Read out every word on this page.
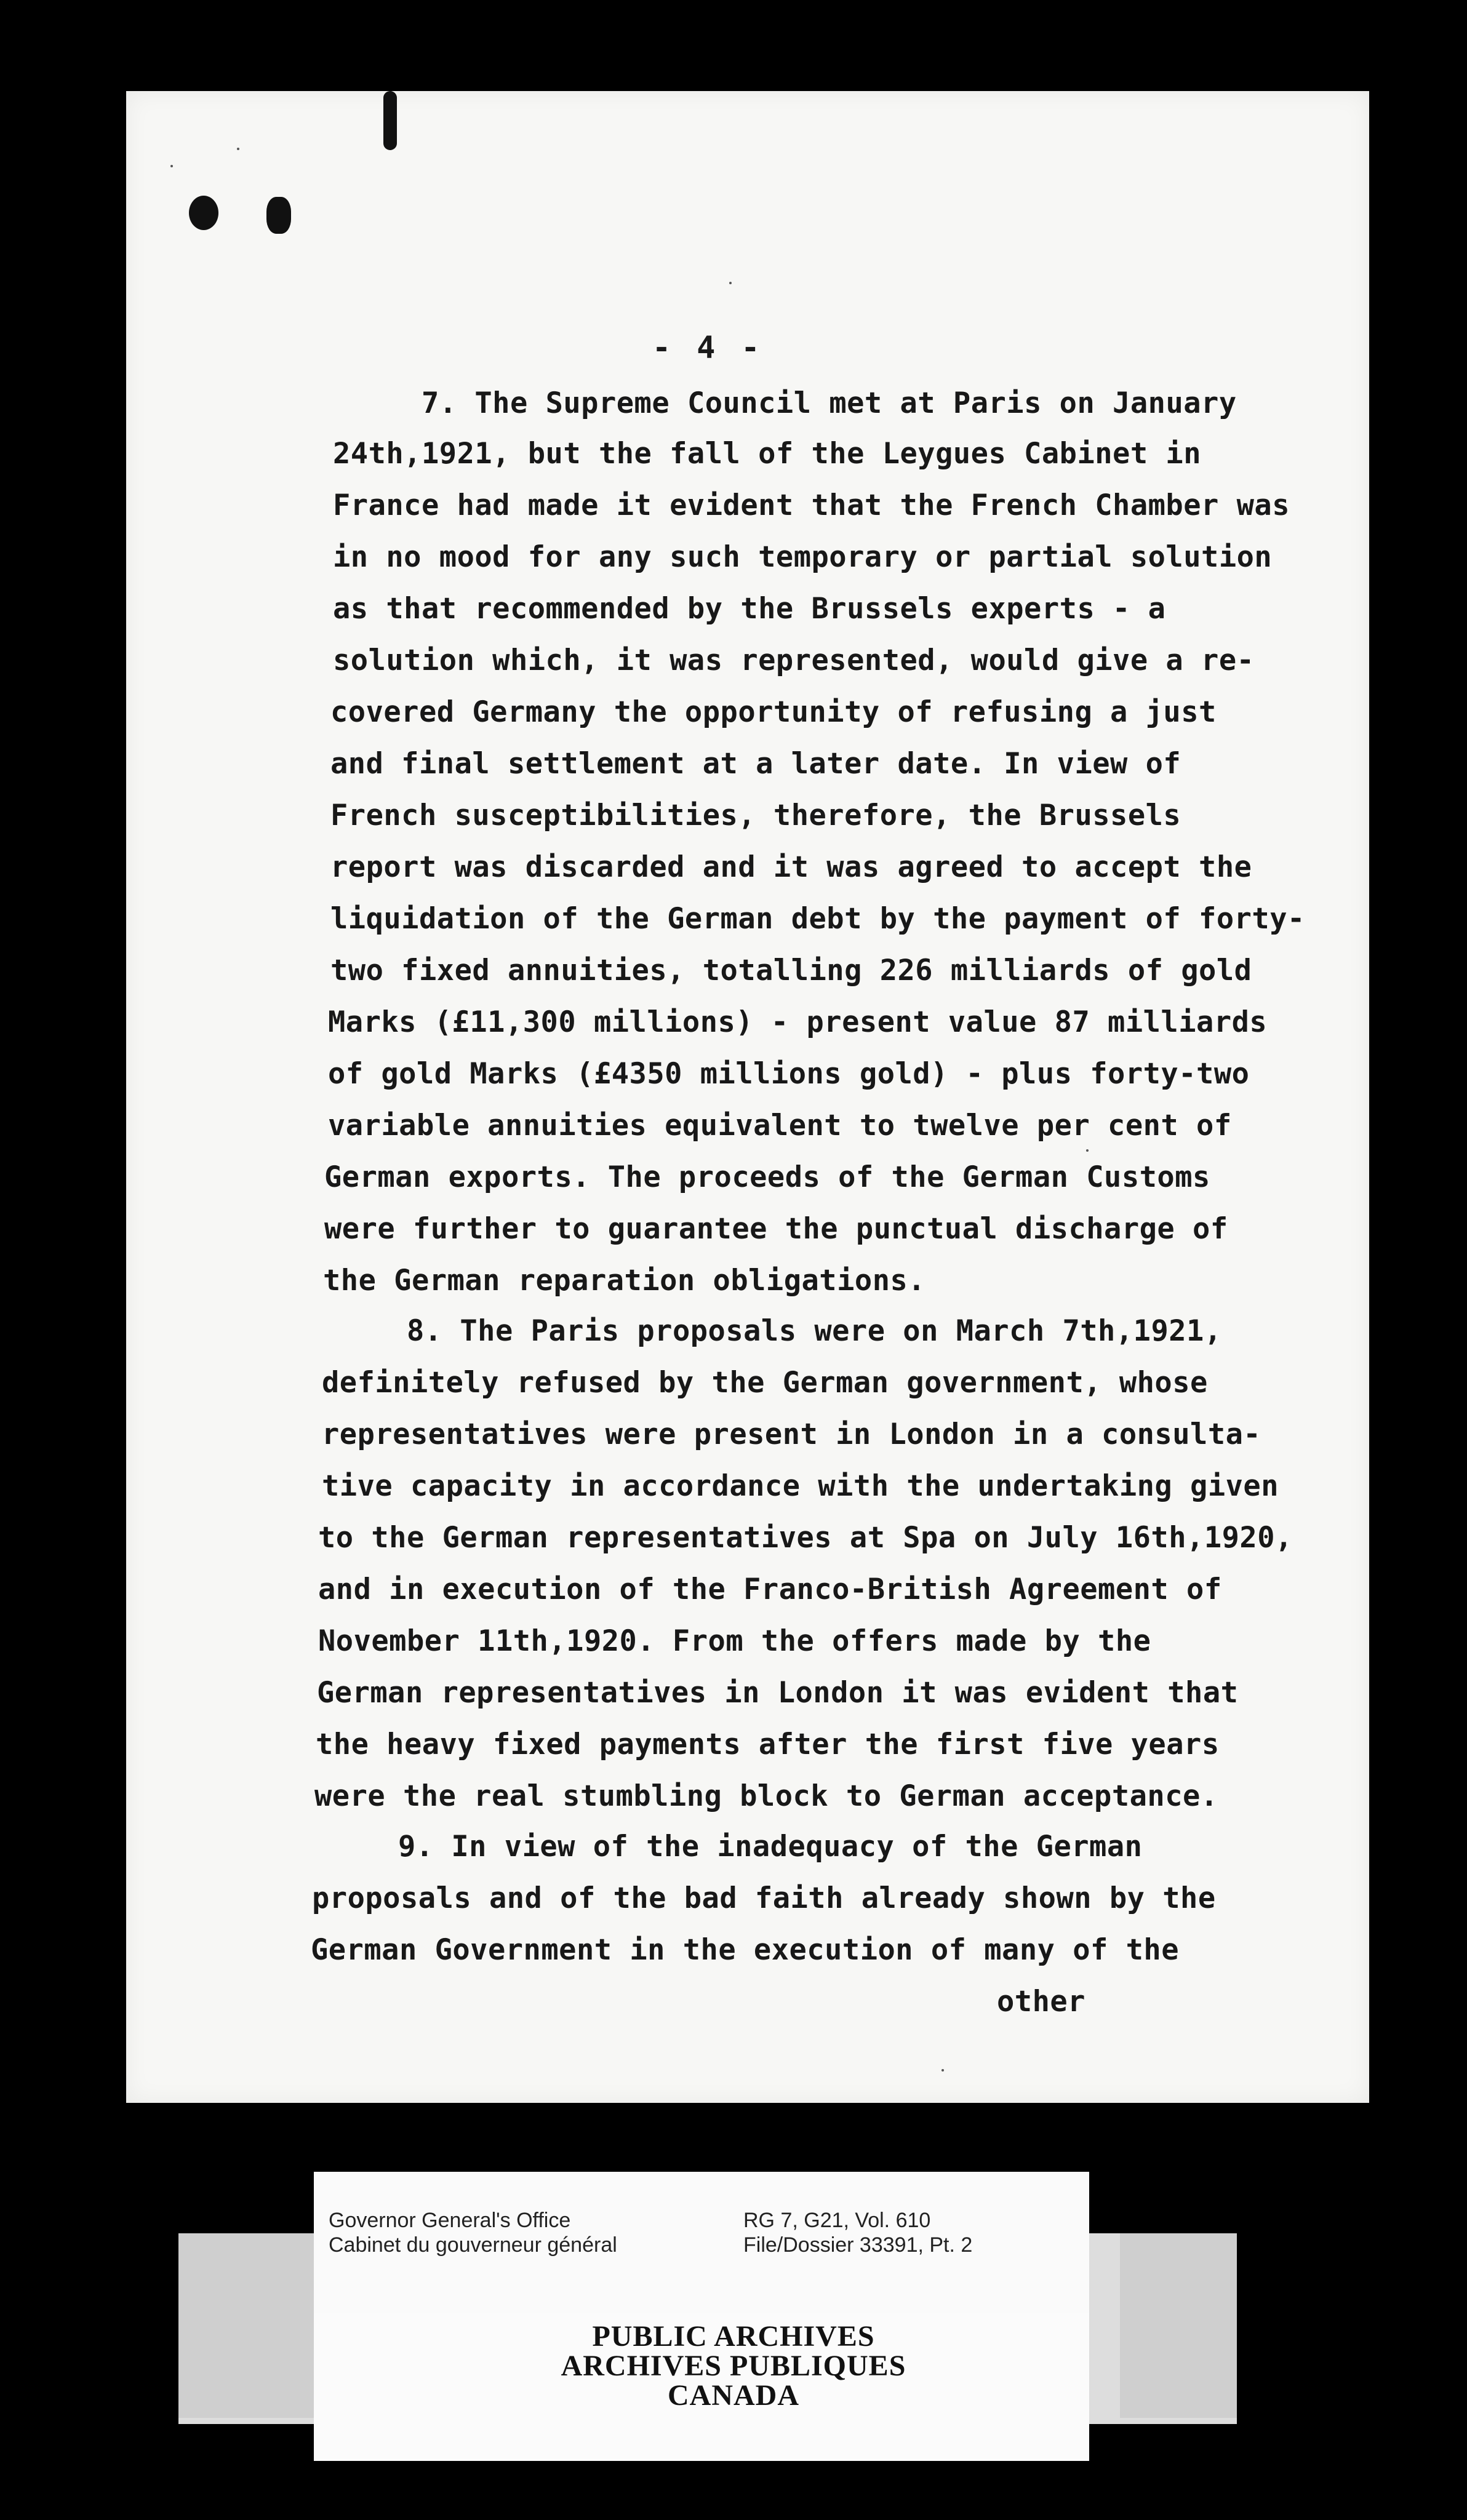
- 4 -
7. The Supreme Council met at Paris on January
24th,1921, but the fall of the Leygues Cabinet in
France had made it evident that the French Chamber was
in no mood for any such temporary or partial solution
as that recommended by the Brussels experts - a
solution which, it was represented, would give a re-
covered Germany the opportunity of refusing a just
and final settlement at a later date. In view of
French susceptibilities, therefore, the Brussels
report was discarded and it was agreed to accept the
liquidation of the German debt by the payment of forty-
two fixed annuities, totalling 226 milliards of gold
Marks (£11,300 millions) - present value 87 milliards
of gold Marks (£4350 millions gold) - plus forty-two
variable annuities equivalent to twelve per cent of
German exports. The proceeds of the German Customs
were further to guarantee the punctual discharge of
the German reparation obligations.
8. The Paris proposals were on March 7th,1921,
definitely refused by the German government, whose
representatives were present in London in a consulta-
tive capacity in accordance with the undertaking given
to the German representatives at Spa on July 16th,1920,
and in execution of the Franco-British Agreement of
November 11th,1920. From the offers made by the
German representatives in London it was evident that
the heavy fixed payments after the first five years
were the real stumbling block to German acceptance.
9. In view of the inadequacy of the German
proposals and of the bad faith already shown by the
German Government in the execution of many of the
other
Governor General's Office
Cabinet du gouverneur général
RG 7, G21, Vol. 610
File/Dossier 33391, Pt. 2
PUBLIC ARCHIVES
ARCHIVES PUBLIQUES
CANADA
